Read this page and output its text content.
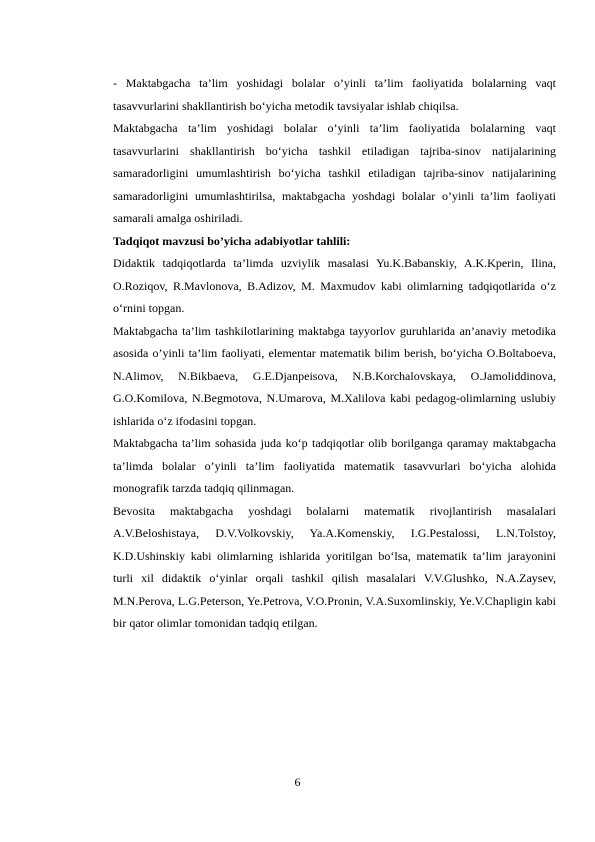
- Maktabgacha ta’lim yoshidagi bolalar o’yinli ta’lim faoliyatida bolalarning vaqt tasavvurlarini shakllantirish bo‘yicha metodik tavsiyalar ishlab chiqilsa.

Maktabgacha ta’lim yoshidagi bolalar o’yinli ta’lim faoliyatida bolalarning vaqt tasavvurlarini shakllantirish bo‘yicha tashkil etiladigan tajriba-sinov natijalarining samaradorligini umumlashtirish bo‘yicha tashkil etiladigan tajriba-sinov natijalarining samaradorligini umumlashtirilsa, maktabgacha yoshdagi bolalar o’yinli ta’lim faoliyati samarali amalga oshiriladi.

Tadqiqot mavzusi bo’yicha adabiyotlar tahlili:

Didaktik tadqiqotlarda ta’limda uzviylik masalasi Yu.K.Babanskiy, A.K.Kperin, Ilina, O.Roziqov, R.Mavlonova, B.Adizov, M. Maxmudov kabi olimlarning tadqiqotlarida o‘z o‘rnini topgan.

Maktabgacha ta’lim tashkilotlarining maktabga tayyorlov guruhlarida an’anaviy metodika asosida o’yinli ta’lim faoliyati, elementar matematik bilim berish, bo‘yicha O.Boltaboeva, N.Alimov, N.Bikbaeva, G.E.Djanpeisova, N.B.Korchalovskaya, O.Jamoliddinova, G.O.Komilova, N.Begmotova, N.Umarova, M.Xalilova kabi pedagog-olimlarning uslubiy ishlarida o‘z ifodasini topgan.

Maktabgacha ta’lim sohasida juda ko‘p tadqiqotlar olib borilganga qaramay maktabgacha ta’limda bolalar o’yinli ta’lim faoliyatida matematik tasavvurlari bo‘yicha alohida monografik tarzda tadqiq qilinmagan.

Bevosita maktabgacha yoshdagi bolalarni matematik rivojlantirish masalalari A.V.Beloshistaya, D.V.Volkovskiy, Ya.A.Komenskiy, I.G.Pestalossi, L.N.Tolstoy, K.D.Ushinskiy kabi olimlarning ishlarida yoritilgan bo‘lsa, matematik ta’lim jarayonini turli xil didaktik o‘yinlar orqali tashkil qilish masalalari V.V.Glushko, N.A.Zaysev, M.N.Perova, L.G.Peterson, Ye.Petrova, V.O.Pronin, V.A.Suxomlinskiy, Ye.V.Chapligin kabi bir qator olimlar tomonidan tadqiq etilgan.

6
